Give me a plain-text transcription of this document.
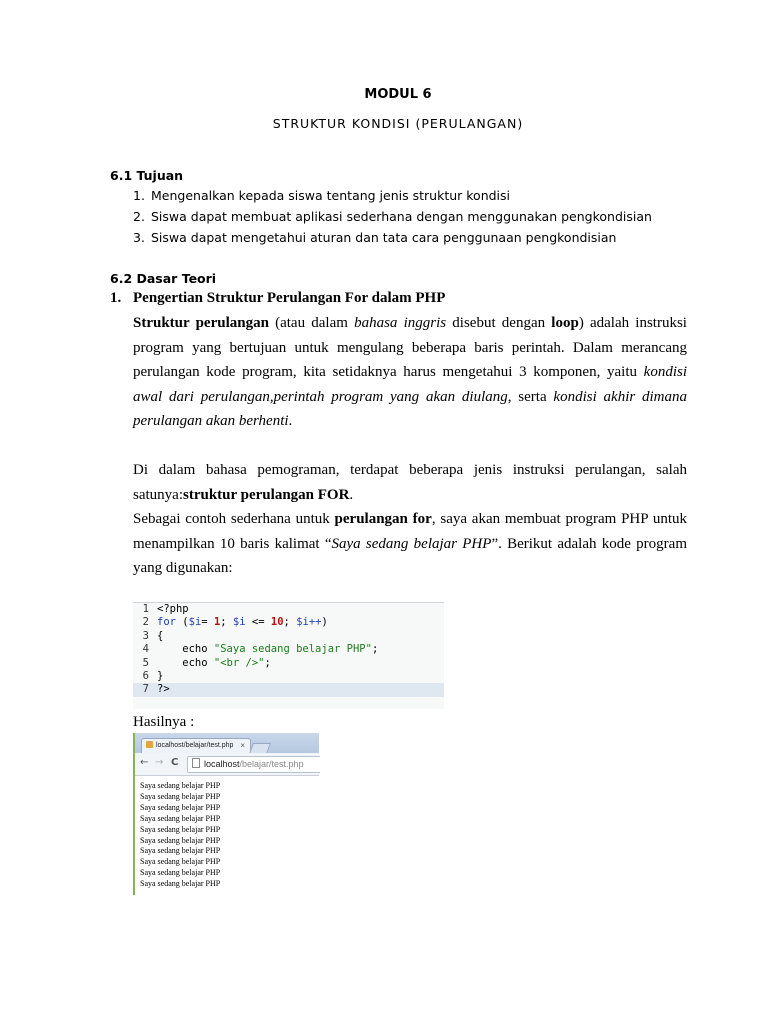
MODUL 6
STRUKTUR KONDISI (PERULANGAN)
6.1 Tujuan
1. Mengenalkan kepada siswa tentang jenis struktur kondisi
2. Siswa dapat membuat aplikasi sederhana dengan menggunakan pengkondisian
3. Siswa dapat mengetahui aturan dan tata cara penggunaan pengkondisian
6.2 Dasar Teori
1. Pengertian Struktur Perulangan For dalam PHP
Struktur perulangan (atau dalam bahasa inggris disebut dengan loop) adalah instruksi
program yang bertujuan untuk mengulang beberapa baris perintah. Dalam merancang
perulangan kode program, kita setidaknya harus mengetahui 3 komponen, yaitu kondisi
awal dari perulangan,perintah program yang akan diulang, serta kondisi akhir dimana
perulangan akan berhenti.
Di dalam bahasa pemograman, terdapat beberapa jenis instruksi perulangan, salah
satunya:struktur perulangan FOR.
Sebagai contoh sederhana untuk perulangan for, saya akan membuat program PHP untuk
menampilkan 10 baris kalimat “Saya sedang belajar PHP”. Berikut adalah kode program
yang digunakan:
1 <?php
2 for ($i= 1; $i <= 10; $i++)
3 {
4    echo "Saya sedang belajar PHP";
5    echo "<br />";
6 }
7 ?>
Hasilnya :
localhost/belajar/test.php ×
← → C	localhost/belajar/test.php
Saya sedang belajar PHP
Saya sedang belajar PHP
Saya sedang belajar PHP
Saya sedang belajar PHP
Saya sedang belajar PHP
Saya sedang belajar PHP
Saya sedang belajar PHP
Saya sedang belajar PHP
Saya sedang belajar PHP
Saya sedang belajar PHP
